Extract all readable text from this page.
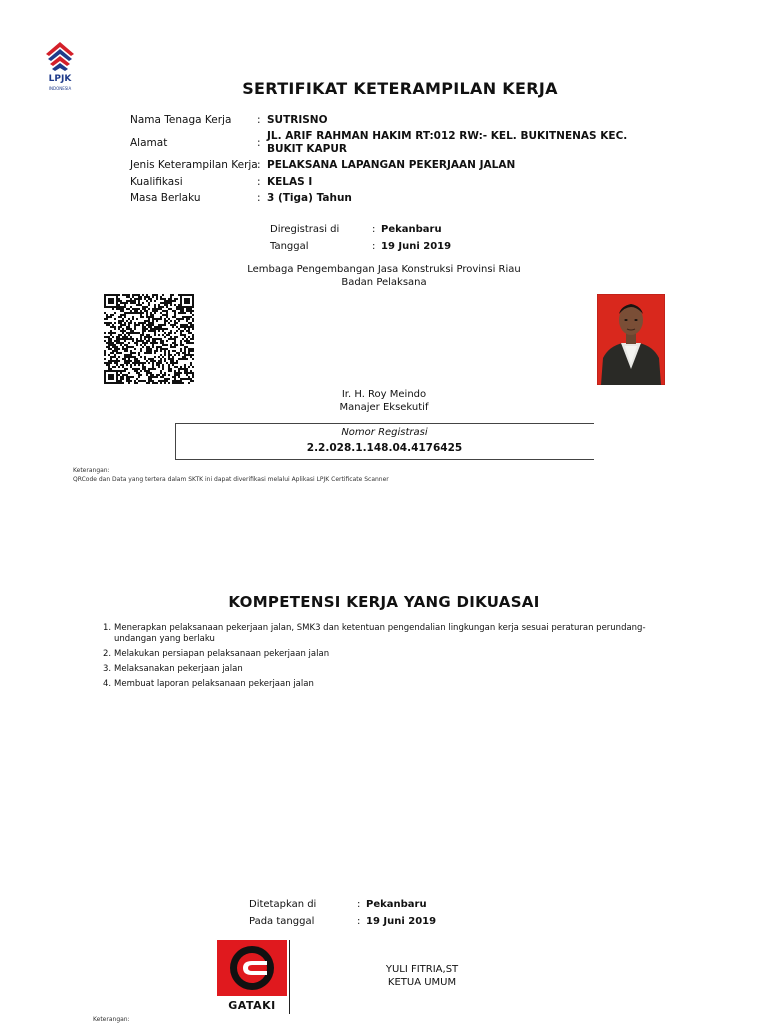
LPJK
INDONESIA	SERTIFIKAT KETERAMPILAN KERJA
Nama Tenaga Kerja : SUTRISNO
Alamat	:
JL. ARIF RAHMAN HAKIM RT:012 RW:- KEL. BUKITNENAS KEC.
BUKIT KAPUR
Jenis Keterampilan Kerja : PELAKSANA LAPANGAN PEKERJAAN JALAN
Kualifikasi	: KELAS I
Masa Berlaku	: 3 (Tiga) Tahun
Diregistrasi di	: Pekanbaru
Tanggal	: 19 Juni 2019
Lembaga Pengembangan Jasa Konstruksi Provinsi Riau
Badan Pelaksana
Ir. H. Roy Meindo
Manajer Eksekutif
Nomor Registrasi
2.2.028.1.148.04.4176425
Keterangan:
QRCode dan Data yang tertera dalam SKTK ini dapat diverifikasi melalui Aplikasi LPJK Certificate Scanner
KOMPETENSI KERJA YANG DIKUASAI
1. Menerapkan pelaksanaan pekerjaan jalan, SMK3 dan ketentuan pengendalian lingkungan kerja sesuai peraturan perundang-
undangan yang berlaku
2. Melakukan persiapan pelaksanaan pekerjaan jalan
3. Melaksanakan pekerjaan jalan
4. Membuat laporan pelaksanaan pekerjaan jalan
Ditetapkan di	: Pekanbaru
Pada tanggal	: 19 Juni 2019
GATAKI
YULI FITRIA,ST
KETUA UMUM
Keterangan:
